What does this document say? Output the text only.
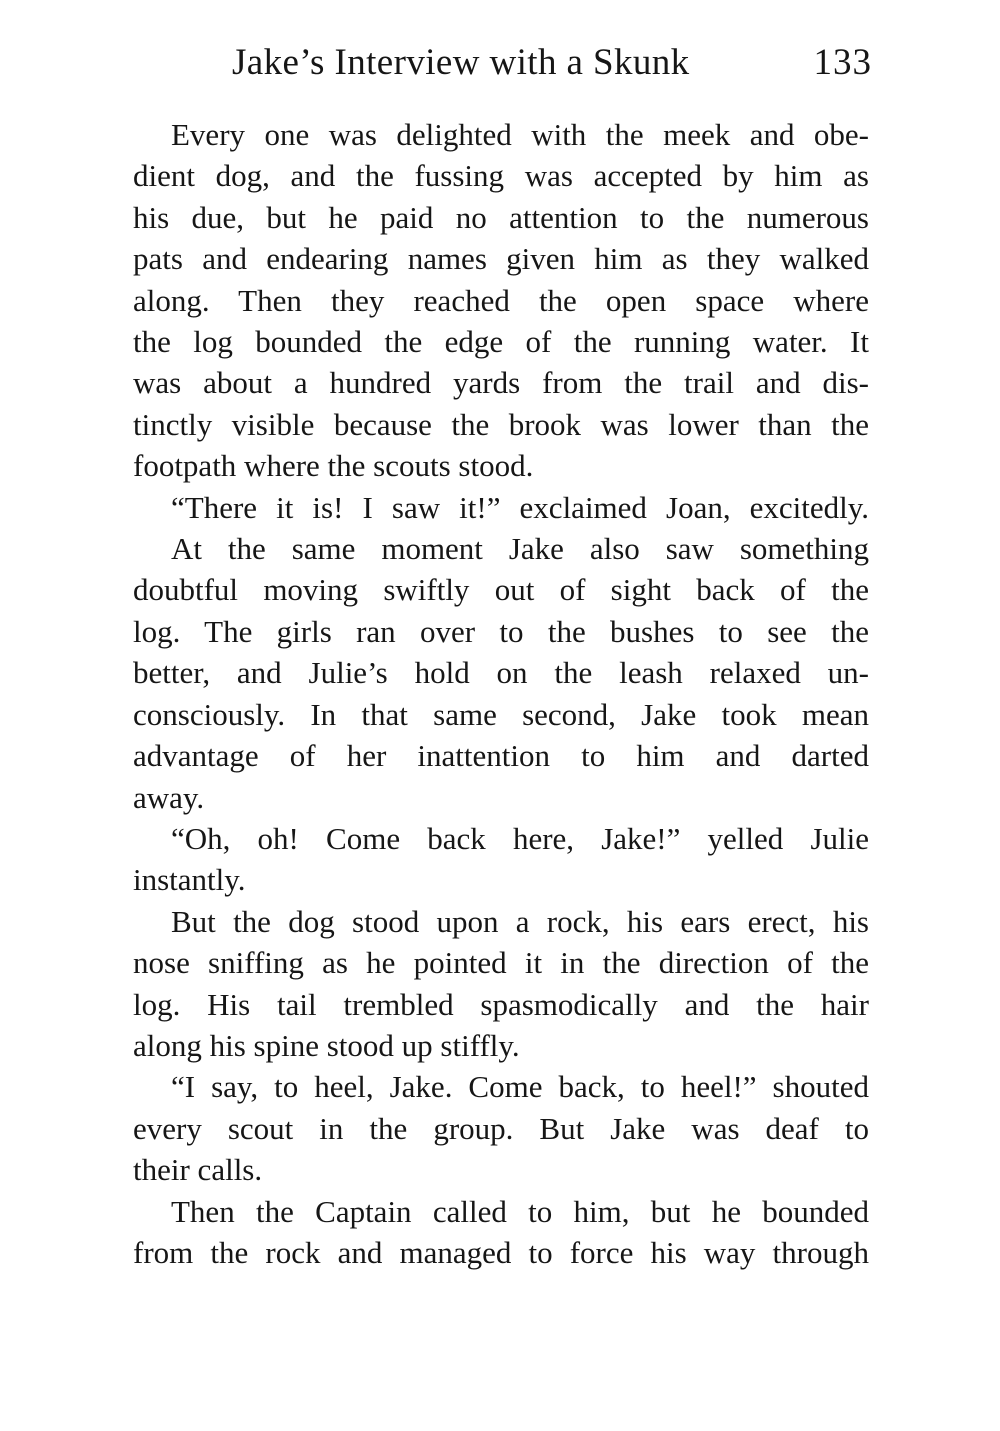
Jake’s Interview with a Skunk	133

Every one was delighted with the meek and obe-
dient dog, and the fussing was accepted by him as
his due, but he paid no attention to the numerous
pats and endearing names given him as they walked
along. Then they reached the open space where
the log bounded the edge of the running water. It
was about a hundred yards from the trail and dis-
tinctly visible because the brook was lower than the
footpath where the scouts stood.

“There it is! I saw it!” exclaimed Joan, excitedly.

At the same moment Jake also saw something
doubtful moving swiftly out of sight back of the
log. The girls ran over to the bushes to see the
better, and Julie’s hold on the leash relaxed un-
consciously. In that same second, Jake took mean
advantage of her inattention to him and darted
away.

“Oh, oh! Come back here, Jake!” yelled Julie
instantly.

But the dog stood upon a rock, his ears erect, his
nose sniffing as he pointed it in the direction of the
log. His tail trembled spasmodically and the hair
along his spine stood up stiffly.

“I say, to heel, Jake. Come back, to heel!” shouted
every scout in the group. But Jake was deaf to
their calls.

Then the Captain called to him, but he bounded
from the rock and managed to force his way through
